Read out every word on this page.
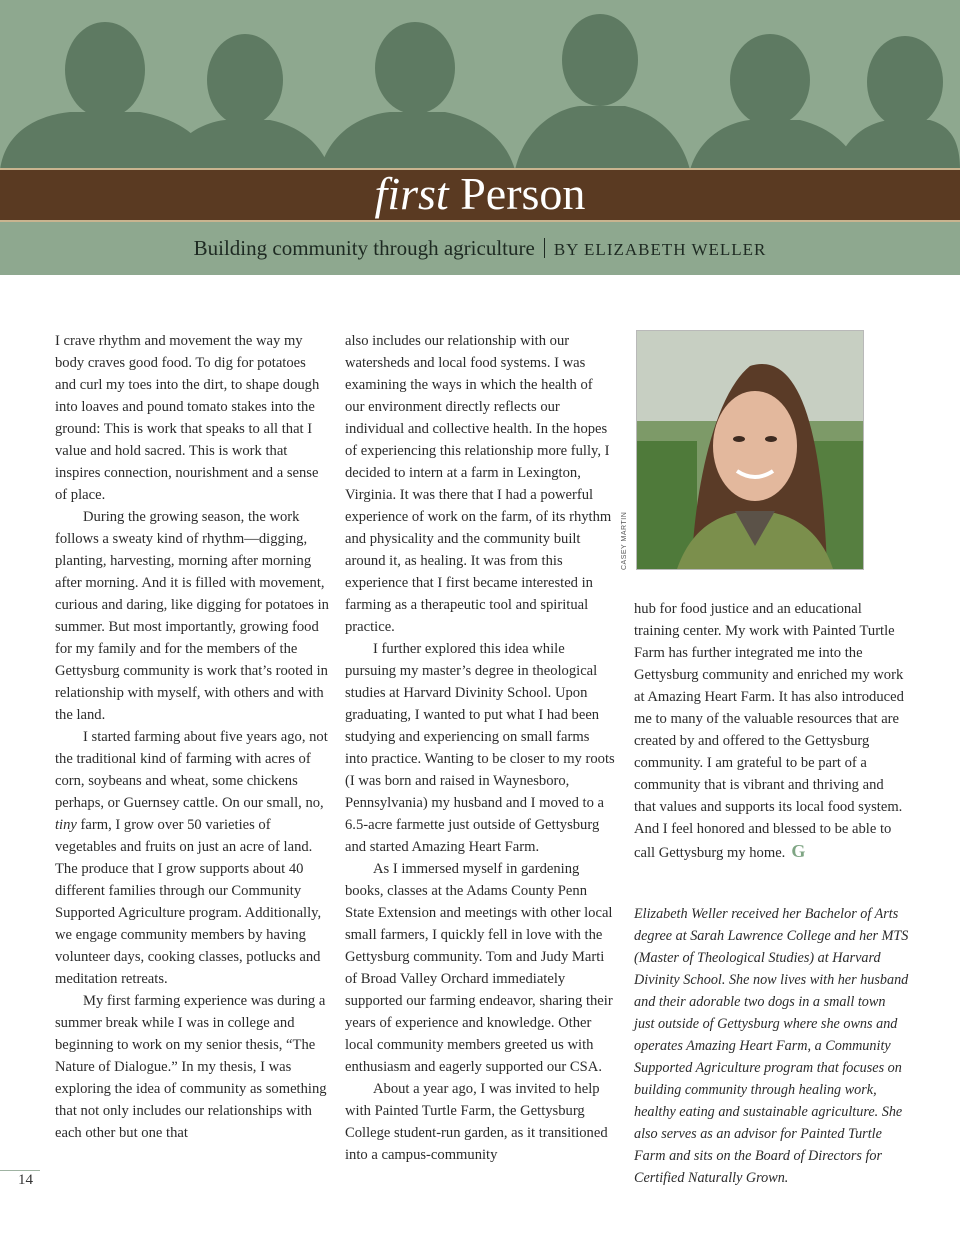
first Person
Building community through agriculture BY ELIZABETH WELLER

I crave rhythm and movement the way my body craves good food. To dig for potatoes and curl my toes into the dirt, to shape dough into loaves and pound tomato stakes into the ground: This is work that speaks to all that I value and hold sacred. This is work that inspires connection, nourishment and a sense of place.

During the growing season, the work follows a sweaty kind of rhythm—digging, planting, harvesting, morning after morning after morning. And it is filled with movement, curious and daring, like digging for potatoes in summer. But most importantly, growing food for my family and for the members of the Gettysburg community is work that’s rooted in relationship with myself, with others and with the land.

I started farming about five years ago, not the traditional kind of farming with acres of corn, soybeans and wheat, some chickens perhaps, or Guernsey cattle. On our small, no, tiny farm, I grow over 50 varieties of vegetables and fruits on just an acre of land. The produce that I grow supports about 40 different families through our Community Supported Agriculture program. Additionally, we engage community members by having volunteer days, cooking classes, potlucks and meditation retreats.

My first farming experience was during a summer break while I was in college and beginning to work on my senior thesis, “The Nature of Dialogue.” In my thesis, I was exploring the idea of community as something that not only includes our relationships with each other but one that

also includes our relationship with our watersheds and local food systems. I was examining the ways in which the health of our environment directly reflects our individual and collective health. In the hopes of experiencing this relationship more fully, I decided to intern at a farm in Lexington, Virginia. It was there that I had a powerful experience of work on the farm, of its rhythm and physicality and the community built around it, as healing. It was from this experience that I first became interested in farming as a therapeutic tool and spiritual practice.

I further explored this idea while pursuing my master’s degree in theological studies at Harvard Divinity School. Upon graduating, I wanted to put what I had been studying and experiencing on small farms into practice. Wanting to be closer to my roots (I was born and raised in Waynesboro, Pennsylvania) my husband and I moved to a 6.5-acre farmette just outside of Gettysburg and started Amazing Heart Farm.

As I immersed myself in gardening books, classes at the Adams County Penn State Extension and meetings with other local small farmers, I quickly fell in love with the Gettysburg community. Tom and Judy Marti of Broad Valley Orchard immediately supported our farming endeavor, sharing their years of experience and knowledge. Other local community members greeted us with enthusiasm and eagerly supported our CSA.

About a year ago, I was invited to help with Painted Turtle Farm, the Gettysburg College student-run garden, as it transitioned into a campus-community

CASEY MARTIN

hub for food justice and an educational training center. My work with Painted Turtle Farm has further integrated me into the Gettysburg community and enriched my work at Amazing Heart Farm. It has also introduced me to many of the valuable resources that are created by and offered to the Gettysburg community. I am grateful to be part of a community that is vibrant and thriving and that values and supports its local food system. And I feel honored and blessed to be able to call Gettysburg my home. G

Elizabeth Weller received her Bachelor of Arts degree at Sarah Lawrence College and her MTS (Master of Theological Studies) at Harvard Divinity School. She now lives with her husband and their adorable two dogs in a small town just outside of Gettysburg where she owns and operates Amazing Heart Farm, a Community Supported Agriculture program that focuses on building community through healing work, healthy eating and sustainable agriculture. She also serves as an advisor for Painted Turtle Farm and sits on the Board of Directors for Certified Naturally Grown.
14
